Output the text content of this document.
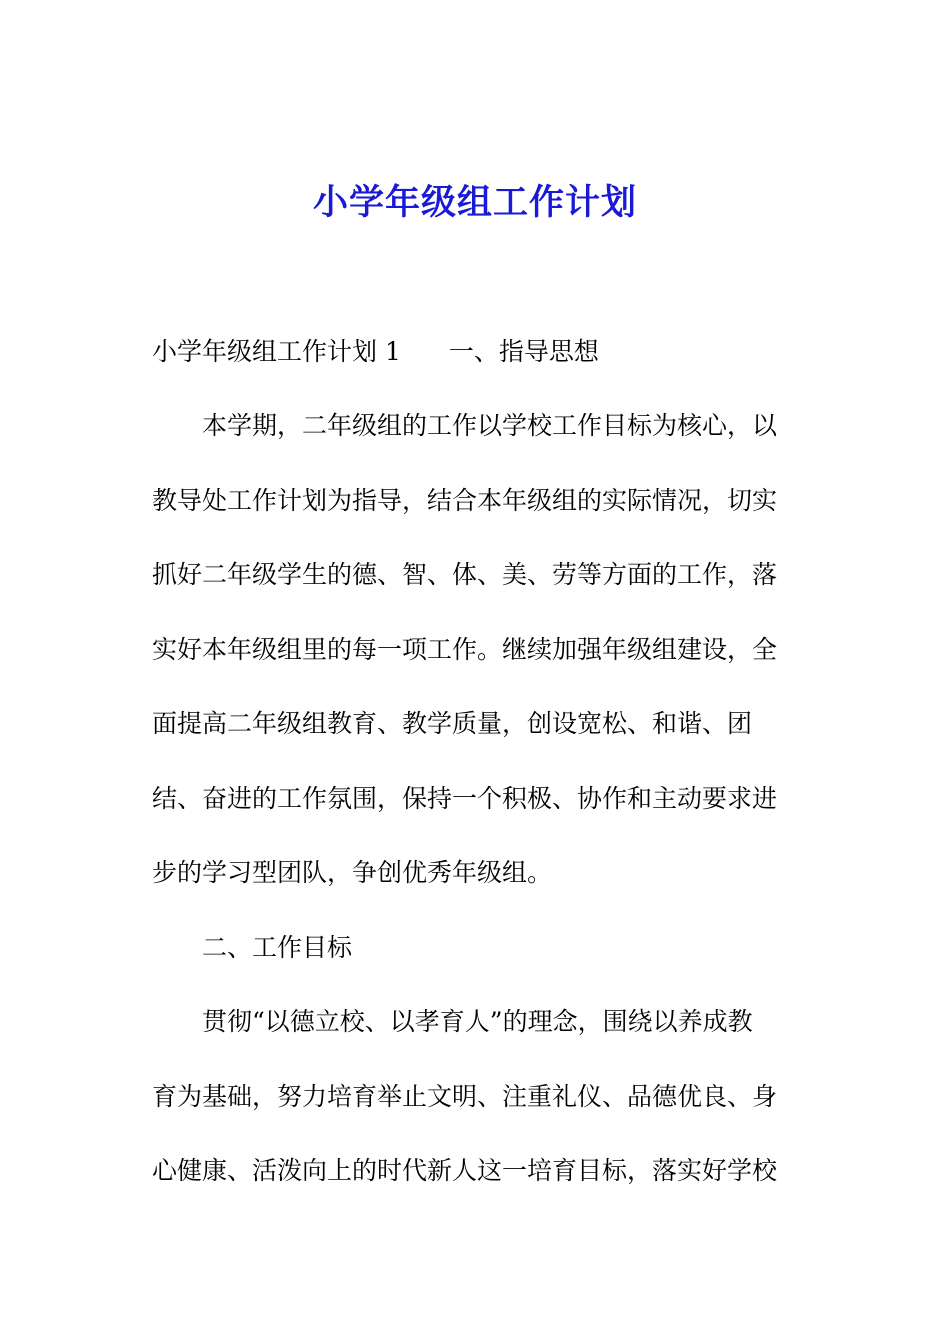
小学年级组工作计划
小学年级组工作计划 1 一、指导思想
　　本学期，二年级组的工作以学校工作目标为核心，以
教导处工作计划为指导，结合本年级组的实际情况，切实
抓好二年级学生的德、智、体、美、劳等方面的工作，落
实好本年级组里的每一项工作。继续加强年级组建设，全
面提高二年级组教育、教学质量，创设宽松、和谐、团
结、奋进的工作氛围，保持一个积极、协作和主动要求进
步的学习型团队，争创优秀年级组。
　　二、工作目标
　　贯彻“以德立校、以孝育人”的理念，围绕以养成教
育为基础，努力培育举止文明、注重礼仪、品德优良、身
心健康、活泼向上的时代新人这一培育目标，落实好学校
